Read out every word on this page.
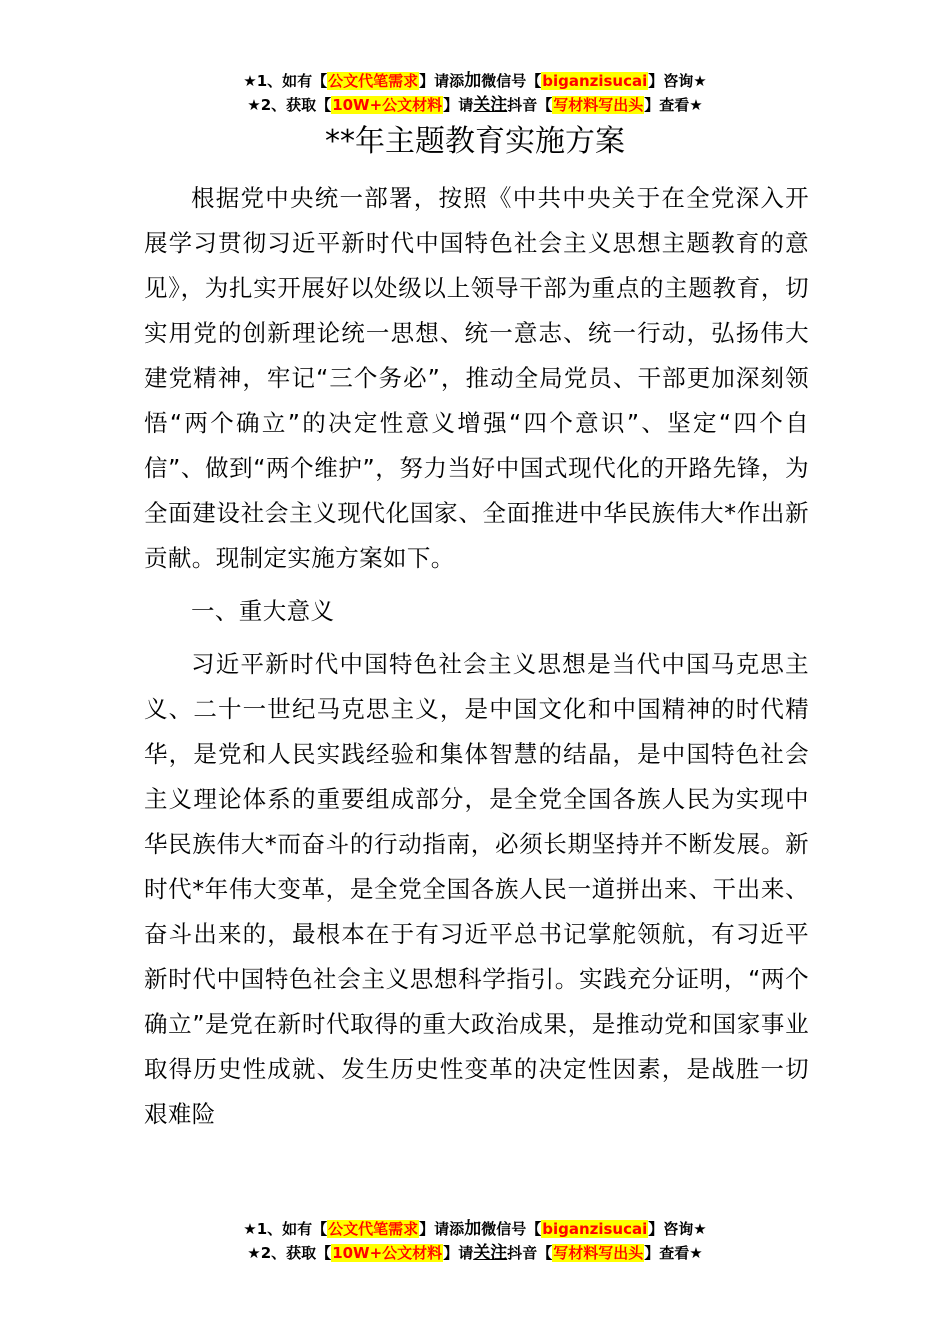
★1、如有【公文代笔需求】请添加微信号【biganzisucai】咨询★
★2、获取【10W+公文材料】请关注抖音【写材料写出头】查看★
**年主题教育实施方案

根据党中央统一部署，按照《中共中央关于在全党深入开展学习贯彻习近平新时代中国特色社会主义思想主题教育的意见》，为扎实开展好以处级以上领导干部为重点的主题教育，切实用党的创新理论统一思想、统一意志、统一行动，弘扬伟大建党精神，牢记“三个务必”，推动全局党员、干部更加深刻领悟“两个确立”的决定性意义增强“四个意识”、坚定“四个自信”、做到“两个维护”，努力当好中国式现代化的开路先锋，为全面建设社会主义现代化国家、全面推进中华民族伟大*作出新贡献。现制定实施方案如下。

一、重大意义

习近平新时代中国特色社会主义思想是当代中国马克思主义、二十一世纪马克思主义，是中国文化和中国精神的时代精华，是党和人民实践经验和集体智慧的结晶，是中国特色社会主义理论体系的重要组成部分，是全党全国各族人民为实现中华民族伟大*而奋斗的行动指南，必须长期坚持并不断发展。新时代*年伟大变革，是全党全国各族人民一道拼出来、干出来、奋斗出来的，最根本在于有习近平总书记掌舵领航，有习近平新时代中国特色社会主义思想科学指引。实践充分证明，“两个确立”是党在新时代取得的重大政治成果，是推动党和国家事业取得历史性成就、发生历史性变革的决定性因素，是战胜一切艰难险

★1、如有【公文代笔需求】请添加微信号【biganzisucai】咨询★
★2、获取【10W+公文材料】请关注抖音【写材料写出头】查看★
